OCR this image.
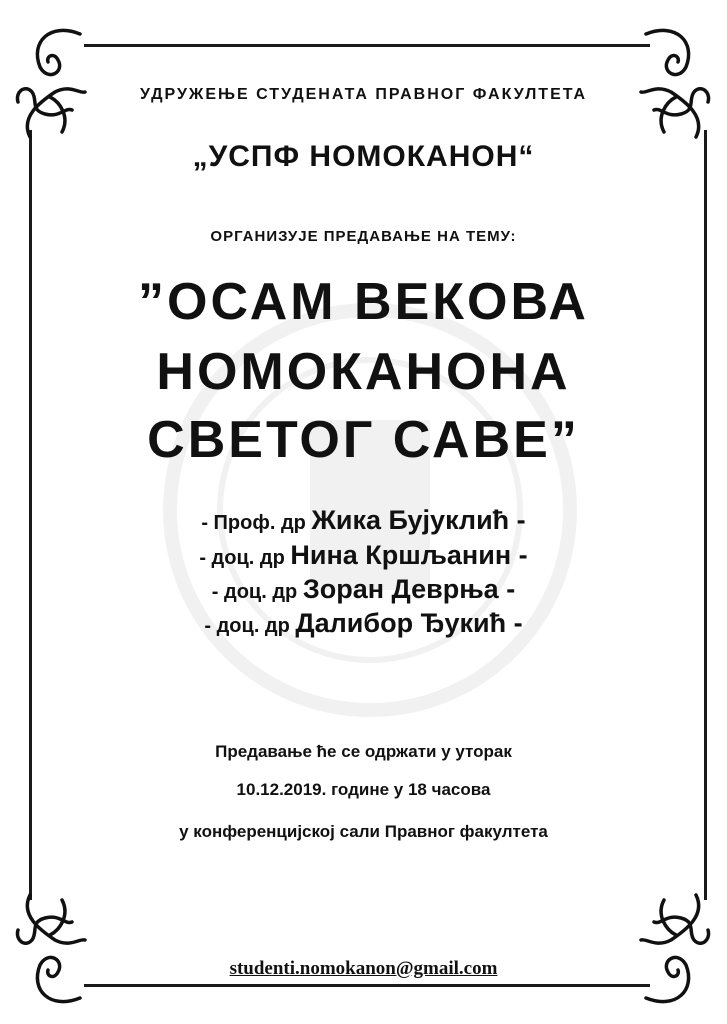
УДРУЖЕЊЕ СТУДЕНАТА ПРАВНОГ ФАКУЛТЕТА
„УСПФ НОМОКАНОН“
ОРГАНИЗУЈЕ ПРЕДАВАЊЕ НА ТЕМУ:
”ОСАМ ВЕКОВА
НОМОКАНОНА
СВЕТОГ САВЕ”
- Проф. др Жика Бујуклић -
- доц. др Нина Кршљанин -
- доц. др Зоран Деврња -
- доц. др Далибор Ђукић -
Предавање ће се одржати у уторак
10.12.2019. године у 18 часова
у конференцијској сали Правног факултета
studenti.nomokanon@gmail.com
